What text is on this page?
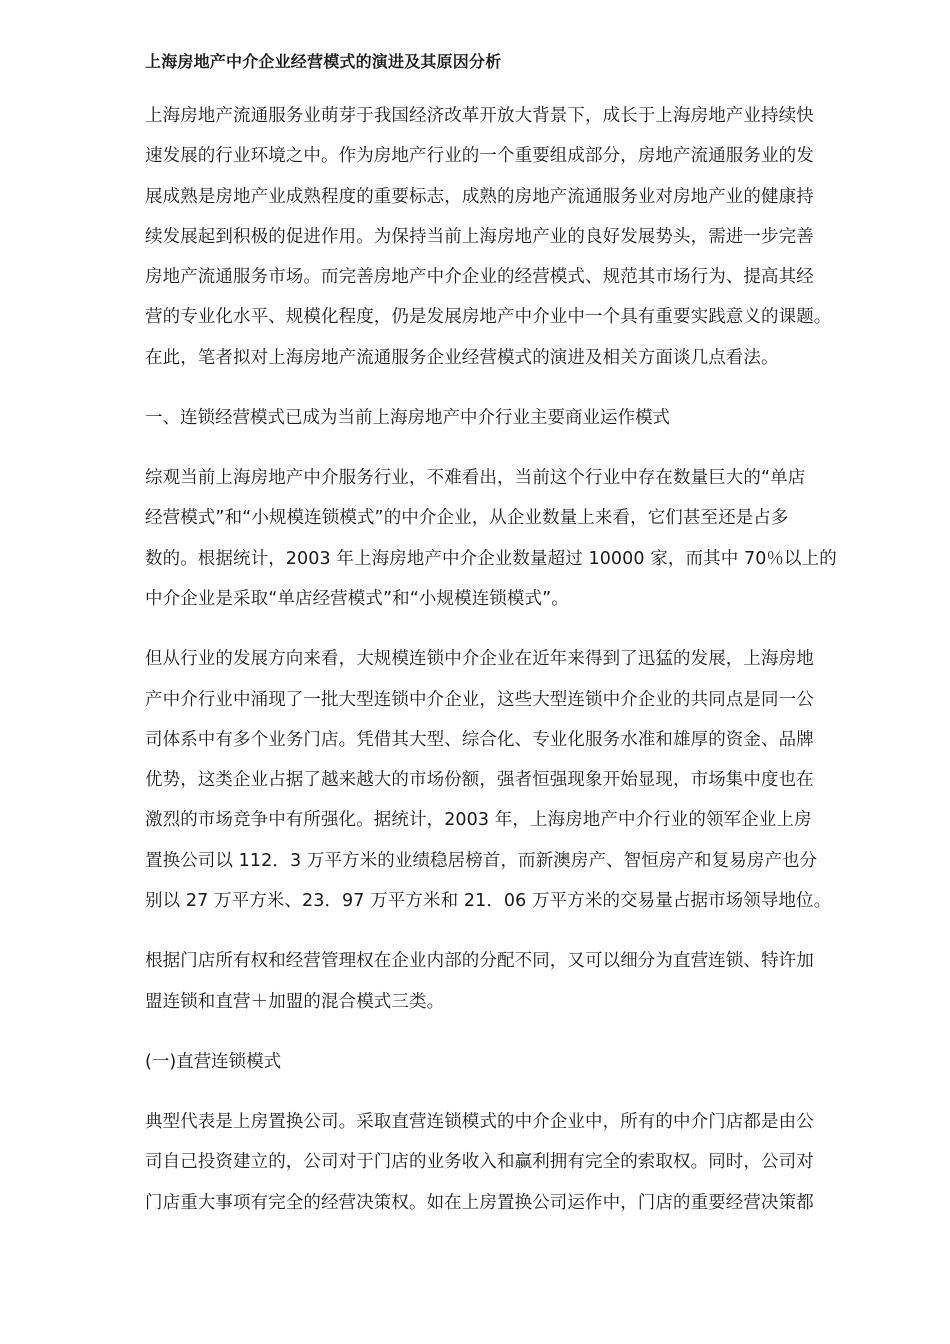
上海房地产中介企业经营模式的演进及其原因分析
上海房地产流通服务业萌芽于我国经济改革开放大背景下，成长于上海房地产业持续快
速发展的行业环境之中。作为房地产行业的一个重要组成部分，房地产流通服务业的发
展成熟是房地产业成熟程度的重要标志，成熟的房地产流通服务业对房地产业的健康持
续发展起到积极的促进作用。为保持当前上海房地产业的良好发展势头，需进一步完善
房地产流通服务市场。而完善房地产中介企业的经营模式、规范其市场行为、提高其经
营的专业化水平、规模化程度，仍是发展房地产中介业中一个具有重要实践意义的课题。
在此，笔者拟对上海房地产流通服务企业经营模式的演进及相关方面谈几点看法。
一、连锁经营模式已成为当前上海房地产中介行业主要商业运作模式
综观当前上海房地产中介服务行业，不难看出，当前这个行业中存在数量巨大的“单店
经营模式”和“小规模连锁模式”的中介企业，从企业数量上来看，它们甚至还是占多
数的。根据统计，2003 年上海房地产中介企业数量超过 10000 家，而其中 70％以上的
中介企业是采取“单店经营模式”和“小规模连锁模式”。
但从行业的发展方向来看，大规模连锁中介企业在近年来得到了迅猛的发展，上海房地
产中介行业中涌现了一批大型连锁中介企业，这些大型连锁中介企业的共同点是同一公
司体系中有多个业务门店。凭借其大型、综合化、专业化服务水准和雄厚的资金、品牌
优势，这类企业占据了越来越大的市场份额，强者恒强现象开始显现，市场集中度也在
激烈的市场竞争中有所强化。据统计，2003 年，上海房地产中介行业的领军企业上房
置换公司以 112．3 万平方米的业绩稳居榜首，而新澳房产、智恒房产和复易房产也分
别以 27 万平方米、23．97 万平方米和 21．06 万平方米的交易量占据市场领导地位。
根据门店所有权和经营管理权在企业内部的分配不同，又可以细分为直营连锁、特许加
盟连锁和直营＋加盟的混合模式三类。
(一)直营连锁模式
典型代表是上房置换公司。采取直营连锁模式的中介企业中，所有的中介门店都是由公
司自己投资建立的，公司对于门店的业务收入和赢利拥有完全的索取权。同时，公司对
门店重大事项有完全的经营决策权。如在上房置换公司运作中，门店的重要经营决策都
